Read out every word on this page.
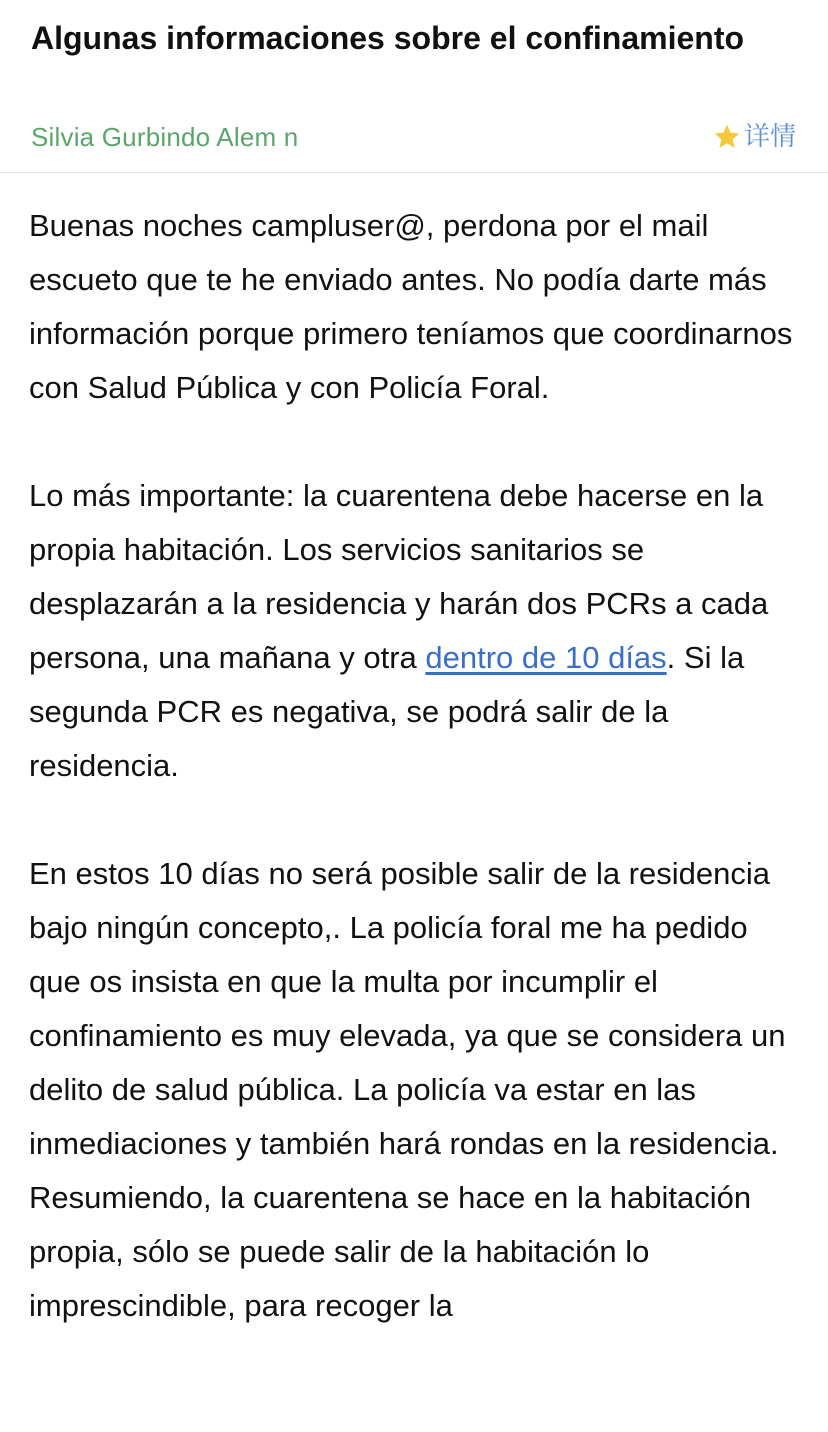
Algunas informaciones sobre el confinamiento
Silvia Gurbindo Alem n	详情

Buenas noches campluser@, perdona por el mail escueto que te he enviado antes. No podía darte más información porque primero teníamos que coordinarnos con Salud Pública y con Policía Foral.

Lo más importante: la cuarentena debe hacerse en la propia habitación. Los servicios sanitarios se desplazarán a la residencia y harán dos PCRs a cada persona, una mañana y otra dentro de 10 días. Si la segunda PCR es negativa, se podrá salir de la residencia.

En estos 10 días no será posible salir de la residencia bajo ningún concepto,. La policía foral me ha pedido que os insista en que la multa por incumplir el confinamiento es muy elevada, ya que se considera un delito de salud pública. La policía va estar en las inmediaciones y también hará rondas en la residencia. Resumiendo, la cuarentena se hace en la habitación propia, sólo se puede salir de la habitación lo imprescindible, para recoger la
